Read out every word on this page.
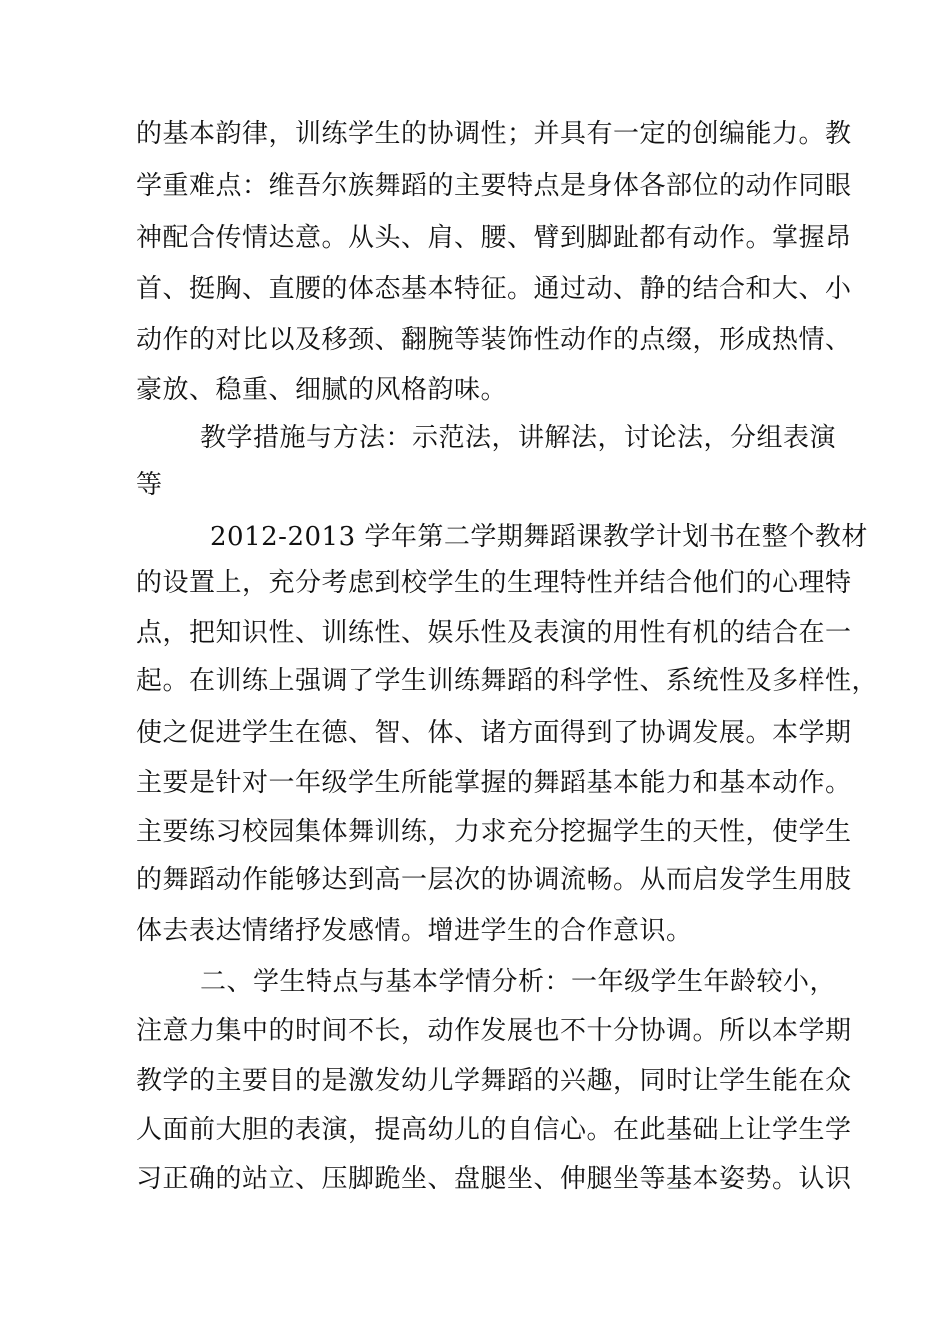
的基本韵律，训练学生的协调性；并具有一定的创编能力。教
学重难点：维吾尔族舞蹈的主要特点是身体各部位的动作同眼
神配合传情达意。从头、肩、腰、臂到脚趾都有动作。掌握昂
首、挺胸、直腰的体态基本特征。通过动、静的结合和大、小
动作的对比以及移颈、翻腕等装饰性动作的点缀，形成热情、
豪放、稳重、细腻的风格韵味。
教学措施与方法：示范法，讲解法，讨论法，分组表演
等
2012-2013 学年第二学期舞蹈课教学计划书在整个教材
的设置上，充分考虑到校学生的生理特性并结合他们的心理特
点，把知识性、训练性、娱乐性及表演的用性有机的结合在一
起。在训练上强调了学生训练舞蹈的科学性、系统性及多样性，
使之促进学生在德、智、体、诸方面得到了协调发展。本学期
主要是针对一年级学生所能掌握的舞蹈基本能力和基本动作。
主要练习校园集体舞训练，力求充分挖掘学生的天性，使学生
的舞蹈动作能够达到高一层次的协调流畅。从而启发学生用肢
体去表达情绪抒发感情。增进学生的合作意识。
二、学生特点与基本学情分析：一年级学生年龄较小，
注意力集中的时间不长，动作发展也不十分协调。所以本学期
教学的主要目的是激发幼儿学舞蹈的兴趣，同时让学生能在众
人面前大胆的表演，提高幼儿的自信心。在此基础上让学生学
习正确的站立、压脚跪坐、盘腿坐、伸腿坐等基本姿势。认识
